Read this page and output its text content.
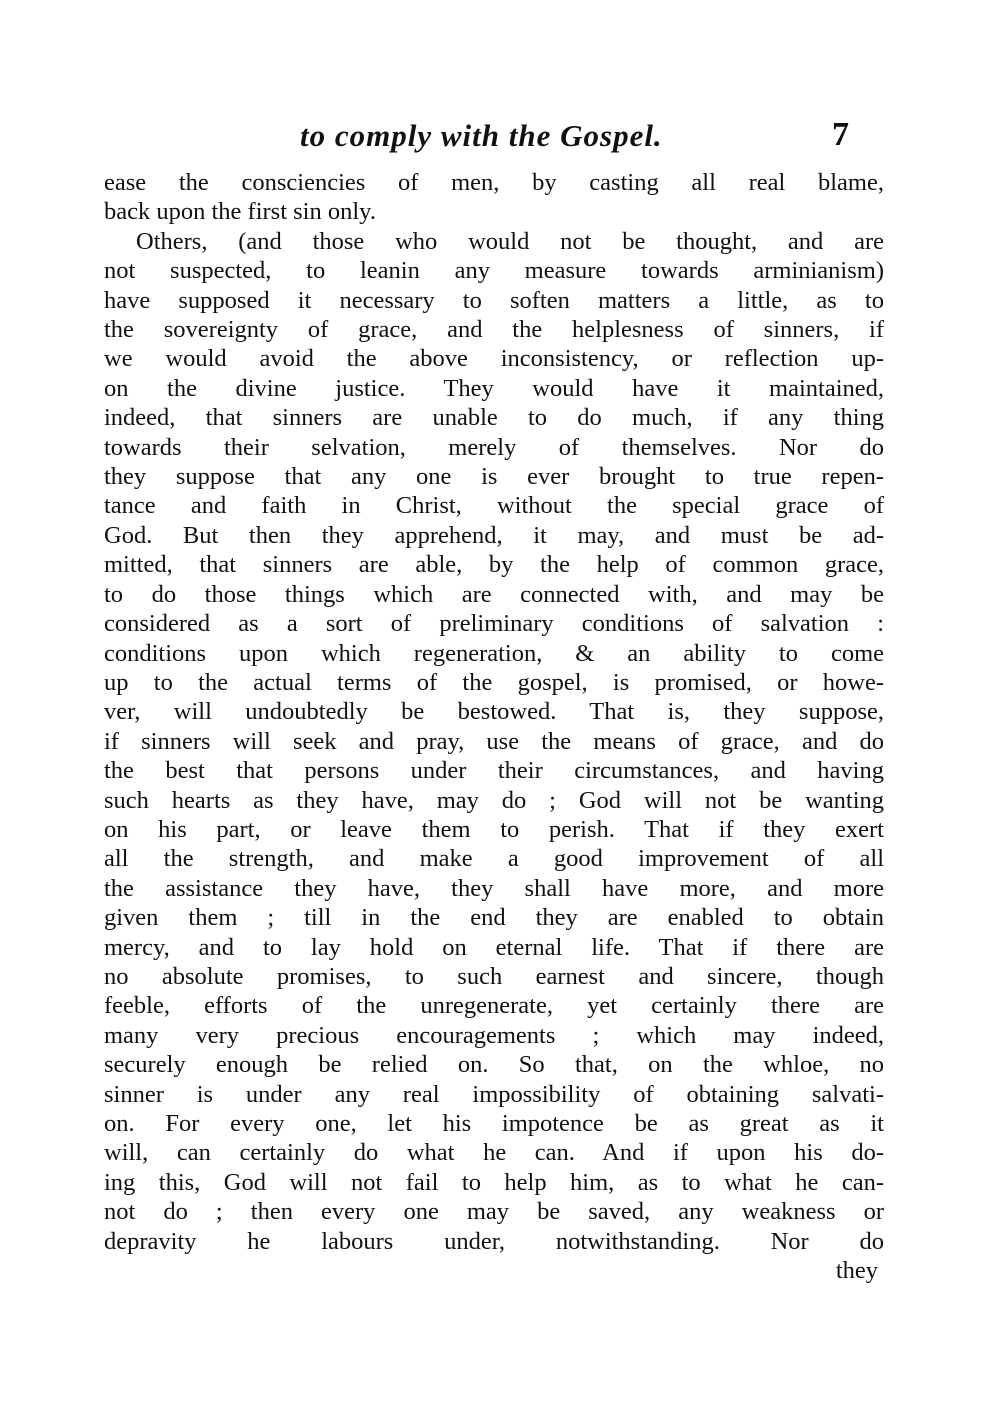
to comply with the Gospel.	7
ease the consciencies of men, by casting all real blame,
back upon the first sin only.
Others, (and those who would not be thought, and are
not suspected, to leanin any measure towards arminianism)
have supposed it necessary to soften matters a little, as to
the sovereignty of grace, and the helplesness of sinners, if
we would avoid the above inconsistency, or reflection up-
on the divine justice. They would have it maintained,
indeed, that sinners are unable to do much, if any thing
towards their selvation, merely of themselves. Nor do
they suppose that any one is ever brought to true repen-
tance and faith in Christ, without the special grace of
God. But then they apprehend, it may, and must be ad-
mitted, that sinners are able, by the help of common grace,
to do those things which are connected with, and may be
considered as a sort of preliminary conditions of salvation :
conditions upon which regeneration, & an ability to come
up to the actual terms of the gospel, is promised, or howe-
ver, will undoubtedly be bestowed. That is, they suppose,
if sinners will seek and pray, use the means of grace, and do
the best that persons under their circumstances, and having
such hearts as they have, may do ; God will not be wanting
on his part, or leave them to perish. That if they exert
all the strength, and make a good improvement of all
the assistance they have, they shall have more, and more
given them ; till in the end they are enabled to obtain
mercy, and to lay hold on eternal life. That if there are
no absolute promises, to such earnest and sincere, though
feeble, efforts of the unregenerate, yet certainly there are
many very precious encouragements ; which may indeed,
securely enough be relied on. So that, on the whloe, no
sinner is under any real impossibility of obtaining salvati-
on. For every one, let his impotence be as great as it
will, can certainly do what he can. And if upon his do-
ing this, God will not fail to help him, as to what he can-
not do ; then every one may be saved, any weakness or
depravity he labours under, notwithstanding. Nor do
they
